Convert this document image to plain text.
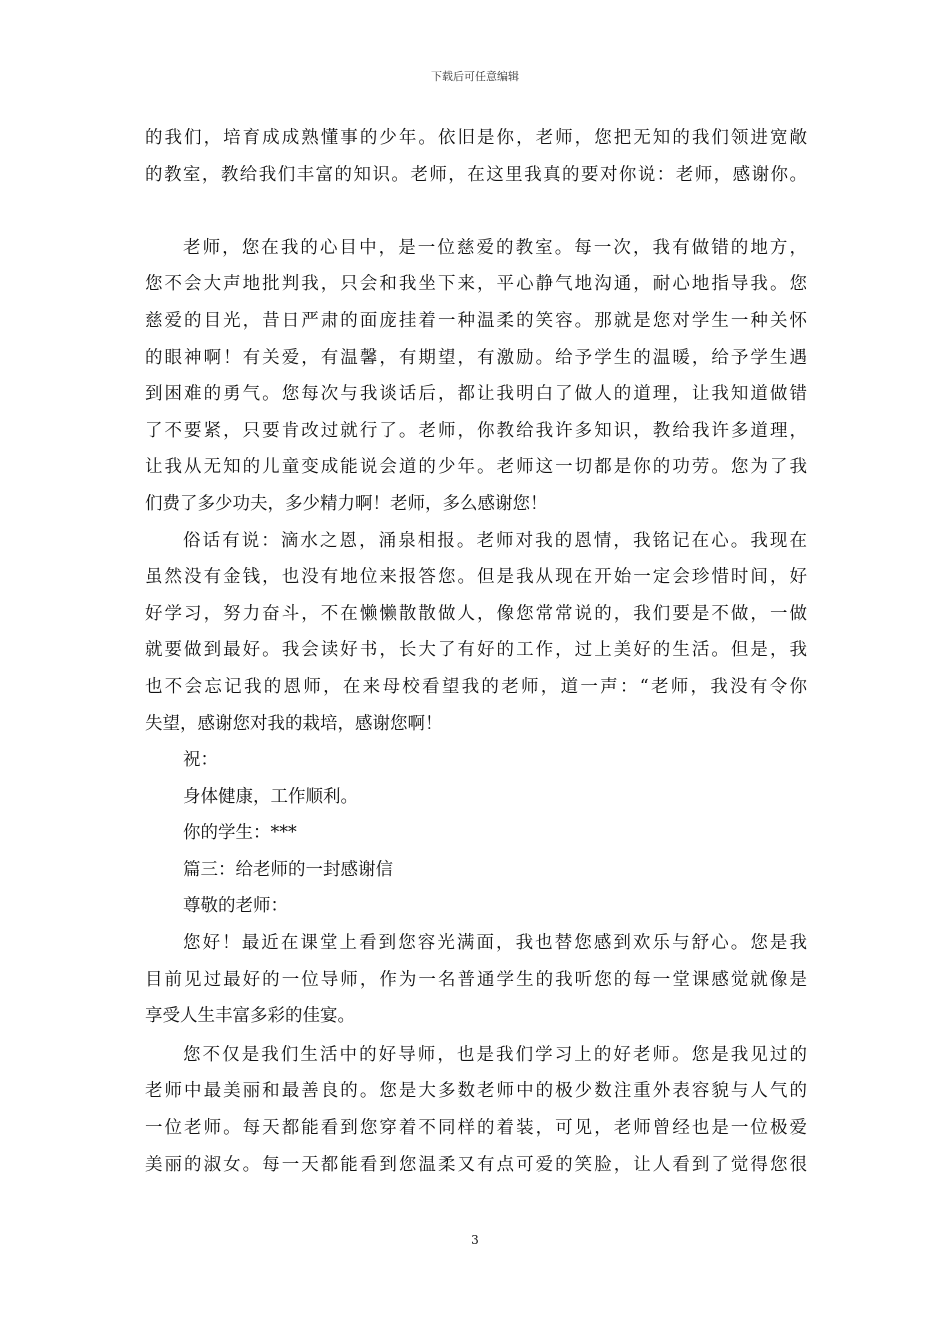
下载后可任意编辑
的我们，培育成成熟懂事的少年。依旧是你，老师，您把无知的我们领进宽敞
的教室，教给我们丰富的知识。老师，在这里我真的要对你说：老师，感谢你。
老师，您在我的心目中，是一位慈爱的教室。每一次，我有做错的地方，
您不会大声地批判我，只会和我坐下来，平心静气地沟通，耐心地指导我。您
慈爱的目光，昔日严肃的面庞挂着一种温柔的笑容。那就是您对学生一种关怀
的眼神啊！有关爱，有温馨，有期望，有激励。给予学生的温暖，给予学生遇
到困难的勇气。您每次与我谈话后，都让我明白了做人的道理，让我知道做错
了不要紧，只要肯改过就行了。老师，你教给我许多知识，教给我许多道理，
让我从无知的儿童变成能说会道的少年。老师这一切都是你的功劳。您为了我
们费了多少功夫，多少精力啊！老师，多么感谢您！
俗话有说：滴水之恩，涌泉相报。老师对我的恩情，我铭记在心。我现在
虽然没有金钱，也没有地位来报答您。但是我从现在开始一定会珍惜时间，好
好学习，努力奋斗，不在懒懒散散做人，像您常常说的，我们要是不做，一做
就要做到最好。我会读好书，长大了有好的工作，过上美好的生活。但是，我
也不会忘记我的恩师，在来母校看望我的老师，道一声：“老师，我没有令你
失望，感谢您对我的栽培，感谢您啊！
祝：
身体健康，工作顺利。
你的学生：***
篇三：给老师的一封感谢信
尊敬的老师：
您好！最近在课堂上看到您容光满面，我也替您感到欢乐与舒心。您是我
目前见过最好的一位导师，作为一名普通学生的我听您的每一堂课感觉就像是
享受人生丰富多彩的佳宴。
您不仅是我们生活中的好导师，也是我们学习上的好老师。您是我见过的
老师中最美丽和最善良的。您是大多数老师中的极少数注重外表容貌与人气的
一位老师。每天都能看到您穿着不同样的着装，可见，老师曾经也是一位极爱
美丽的淑女。每一天都能看到您温柔又有点可爱的笑脸，让人看到了觉得您很
3
